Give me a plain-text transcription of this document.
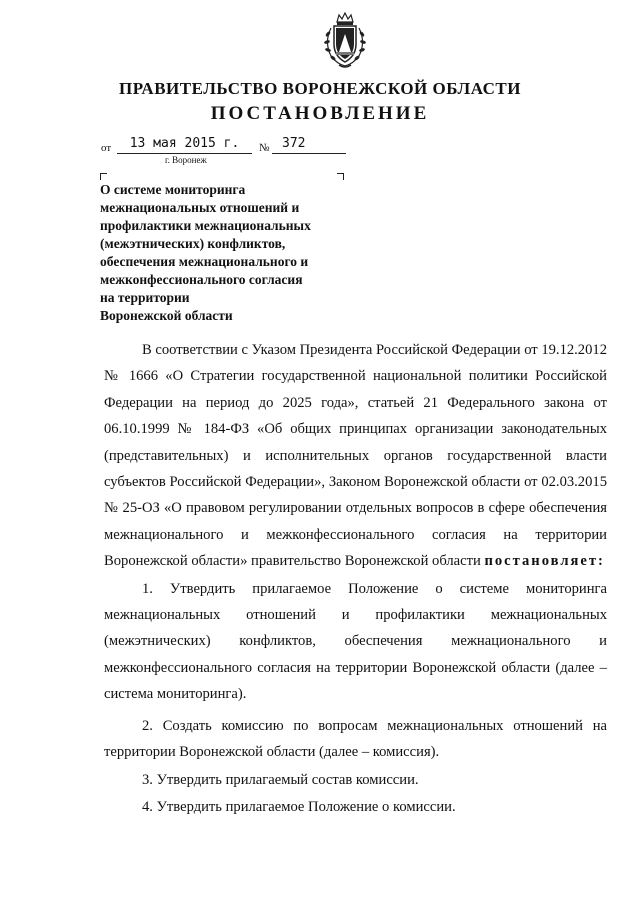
ПРАВИТЕЛЬСТВО ВОРОНЕЖСКОЙ ОБЛАСТИ
ПОСТАНОВЛЕНИЕ
от	13 мая 2015 г.	№ 372
г. Воронеж
О системе мониторинга
межнациональных отношений и
профилактики межнациональных
(межэтнических) конфликтов,
обеспечения межнационального и
межконфессионального согласия
на территории
Воронежской области

В соответствии с Указом Президента Российской Федерации от 19.12.2012 № 1666 «О Стратегии государственной национальной политики Российской Федерации на период до 2025 года», статьей 21 Федерального закона от 06.10.1999 № 184-ФЗ «Об общих принципах организации законодательных (представительных) и исполнительных органов государственной власти субъектов Российской Федерации», Законом Воронежской области от 02.03.2015 № 25-ОЗ «О правовом регулировании отдельных вопросов в сфере обеспечения межнационального и межконфессионального согласия на территории Воронежской области» правительство Воронежской области постановляет:

1. Утвердить прилагаемое Положение о системе мониторинга межнациональных отношений и профилактики межнациональных (межэтнических) конфликтов, обеспечения межнационального и межконфессионального согласия на территории Воронежской области (далее – система мониторинга).

2. Создать комиссию по вопросам межнациональных отношений на территории Воронежской области (далее – комиссия).

3. Утвердить прилагаемый состав комиссии.

4. Утвердить прилагаемое Положение о комиссии.
